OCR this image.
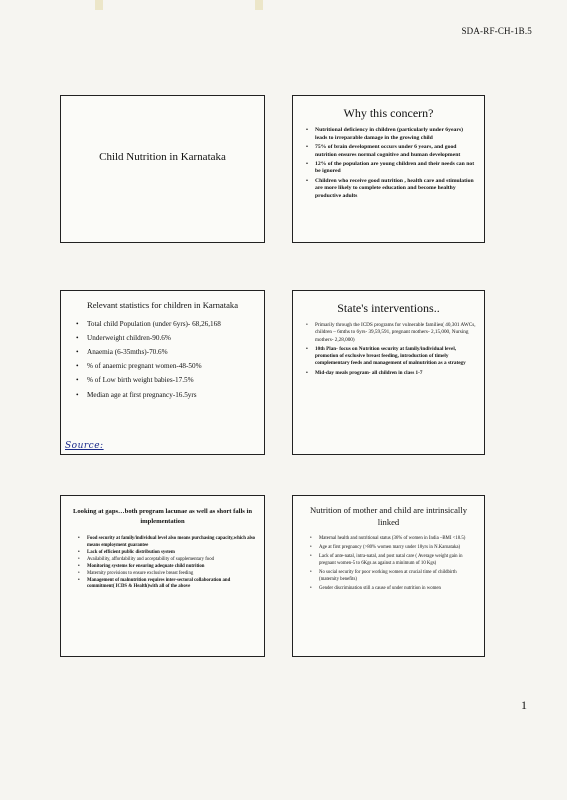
SDA-RF-CH-1B.5
Child Nutrition in Karnataka
Why this concern?
• Nutritional deficiency in children (particularly under 6years) leads to irreparable damage in the growing child
• 75% of brain development occurs under 6 years, and good nutrition ensures normal cognitive and human development
• 12% of the population are young children and their needs can not be ignored
• Children who receive good nutrition , health care and stimulation are more likely to complete education and become healthy productive adults
Relevant statistics for children in Karnataka
• Total child Population (under 6yrs)- 68,26,168
• Underweight children-90.6%
• Anaemia (6-35mths)-70.6%
• % of anaemic pregnant women-48-50%
• % of Low birth weight babies-17.5%
• Median age at first pregnancy-16.5yrs
Source:
State's interventions..
• Primarily through the ICDS programs for vulnerable families( 40,301 AWCs, children – 6mths to 6yrs- 39,59,591, pregnant mothers- 2,15,000, Nursing mothers- 2,28,000)
• 10th Plan- focus on Nutrition security at family/individual level, promotion of exclusive breast feeding, introduction of timely complementary feeds and management of malnutrition as a strategy
• Mid-day meals program- all children in class 1-7
Looking at gaps…both program lacunae as well as short falls in implementation
• Food security at family/individual level also means purchasing capacity,which also means employment guarantee
• Lack of efficient public distribution system
• Availability, affordability and acceptability of supplementary food
• Monitoring systems for ensuring adequate child nutrition
• Maternity provisions to ensure exclusive breast feeding
• Management of malnutrition requires inter-sectoral collaboration and commitment( ICDS & Health)with all of the above
Nutrition of mother and child are intrinsically linked
• Maternal health and nutritional status (36% of women in India –BMI <18.5)
• Age at first pregnancy (>80% women marry under 18yrs in N.Karnataka)
• Lack of ante-natal, intra-natal, and post natal care ( Average weight gain in pregnant women-5 to 6Kgs as against a minimum of 10 Kgs)
• No social security for poor working women at crucial time of childbirth (maternity benefits)
• Gender discrimination still a cause of under nutrition in women
1
